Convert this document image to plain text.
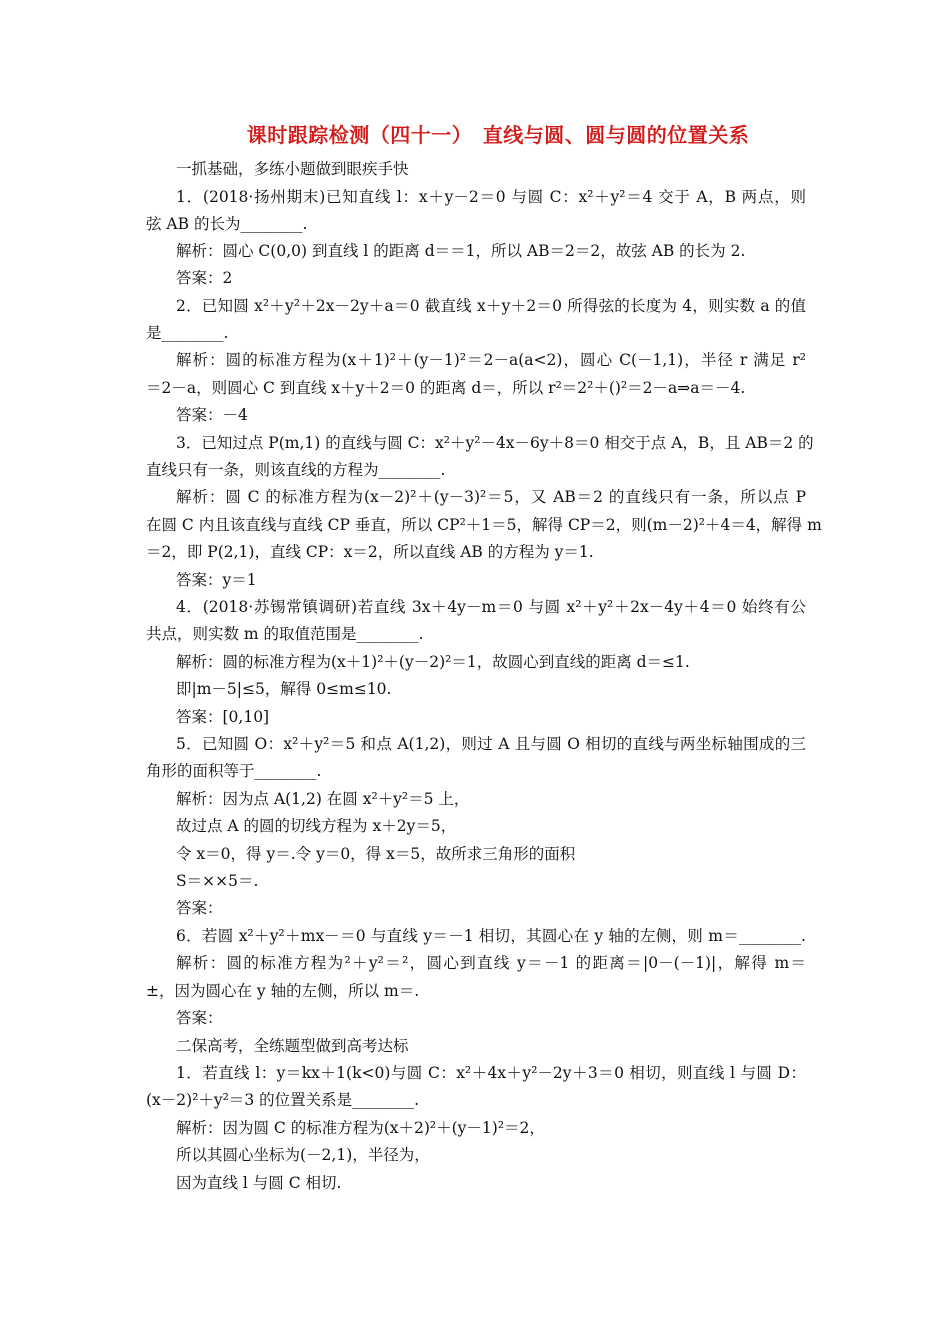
课时跟踪检测（四十一）　直线与圆、圆与圆的位置关系
一抓基础，多练小题做到眼疾手快
1．(2018·扬州期末)已知直线 l：x＋y－2＝0 与圆 C：x²＋y²＝4 交于 A，B 两点，则
弦 AB 的长为________.
解析：圆心 C(0,0) 到直线 l 的距离 d＝＝1，所以 AB＝2＝2，故弦 AB 的长为 2.
答案：2
2．已知圆 x²＋y²＋2x－2y＋a＝0 截直线 x＋y＋2＝0 所得弦的长度为 4，则实数 a 的值
是________.
解析：圆的标准方程为(x＋1)²＋(y－1)²＝2－a(a<2)，圆心 C(－1,1)，半径 r 满足 r²
＝2－a，则圆心 C 到直线 x＋y＋2＝0 的距离 d＝，所以 r²＝2²＋()²＝2－a⇒a＝－4.
答案：－4
3．已知过点 P(m,1) 的直线与圆 C：x²＋y²－4x－6y＋8＝0 相交于点 A，B，且 AB＝2 的
直线只有一条，则该直线的方程为________.
解析：圆 C 的标准方程为(x－2)²＋(y－3)²＝5，又 AB＝2 的直线只有一条，所以点 P
在圆 C 内且该直线与直线 CP 垂直，所以 CP²＋1＝5，解得 CP＝2，则(m－2)²＋4＝4，解得 m
＝2，即 P(2,1)，直线 CP：x＝2，所以直线 AB 的方程为 y＝1.
答案：y＝1
4．(2018·苏锡常镇调研)若直线 3x＋4y－m＝0 与圆 x²＋y²＋2x－4y＋4＝0 始终有公
共点，则实数 m 的取值范围是________.
解析：圆的标准方程为(x＋1)²＋(y－2)²＝1，故圆心到直线的距离 d＝≤1.
即|m－5|≤5，解得 0≤m≤10.
答案：[0,10]
5．已知圆 O：x²＋y²＝5 和点 A(1,2)，则过 A 且与圆 O 相切的直线与两坐标轴围成的三
角形的面积等于________.
解析：因为点 A(1,2) 在圆 x²＋y²＝5 上，
故过点 A 的圆的切线方程为 x＋2y＝5，
令 x＝0，得 y＝.令 y＝0，得 x＝5，故所求三角形的面积
S＝××5＝.
答案：
6．若圆 x²＋y²＋mx－＝0 与直线 y＝－1 相切，其圆心在 y 轴的左侧，则 m＝________.
解析：圆的标准方程为²＋y²＝²，圆心到直线 y＝－1 的距离＝|0－(－1)|，解得 m＝
±，因为圆心在 y 轴的左侧，所以 m＝.
答案：
二保高考，全练题型做到高考达标
1．若直线 l：y＝kx＋1(k<0)与圆 C：x²＋4x＋y²－2y＋3＝0 相切，则直线 l 与圆 D：
(x－2)²＋y²＝3 的位置关系是________.
解析：因为圆 C 的标准方程为(x＋2)²＋(y－1)²＝2，
所以其圆心坐标为(－2,1)，半径为，
因为直线 l 与圆 C 相切.
